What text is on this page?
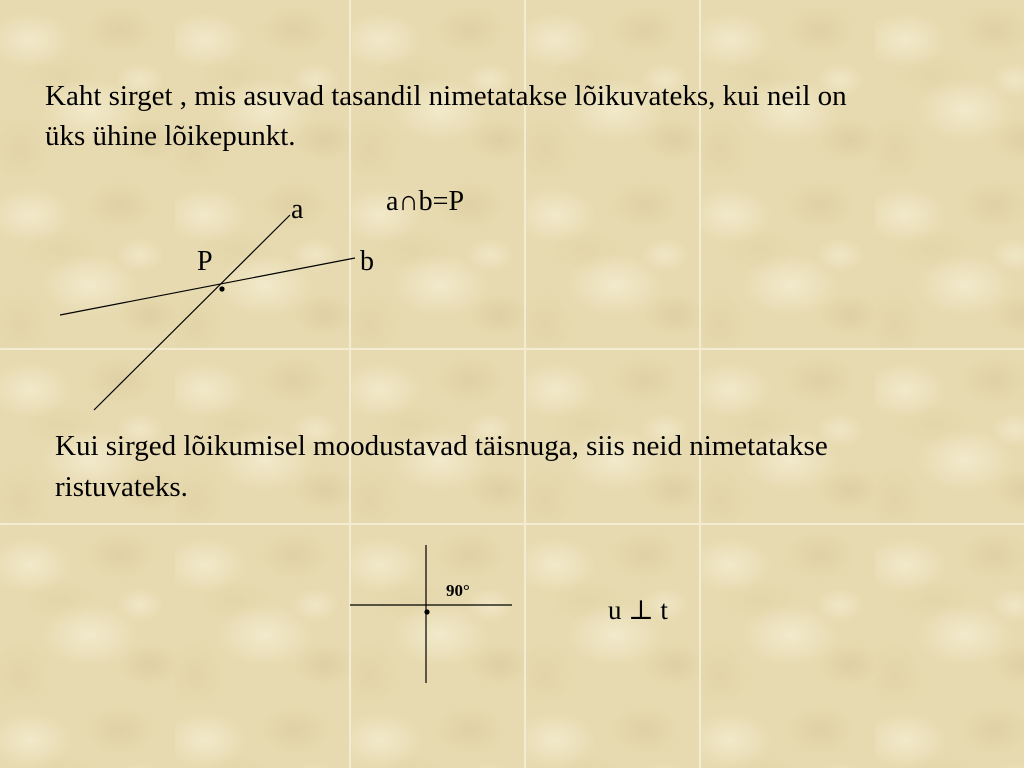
Kaht sirget , mis asuvad tasandil nimetatakse lõikuvateks, kui neil on
üks ühine lõikepunkt.
Kui sirged lõikumisel moodustavad täisnuga, siis neid nimetatakse
ristuvateks.
a
P	b
a∩b=P
90°
u ⊥ t
